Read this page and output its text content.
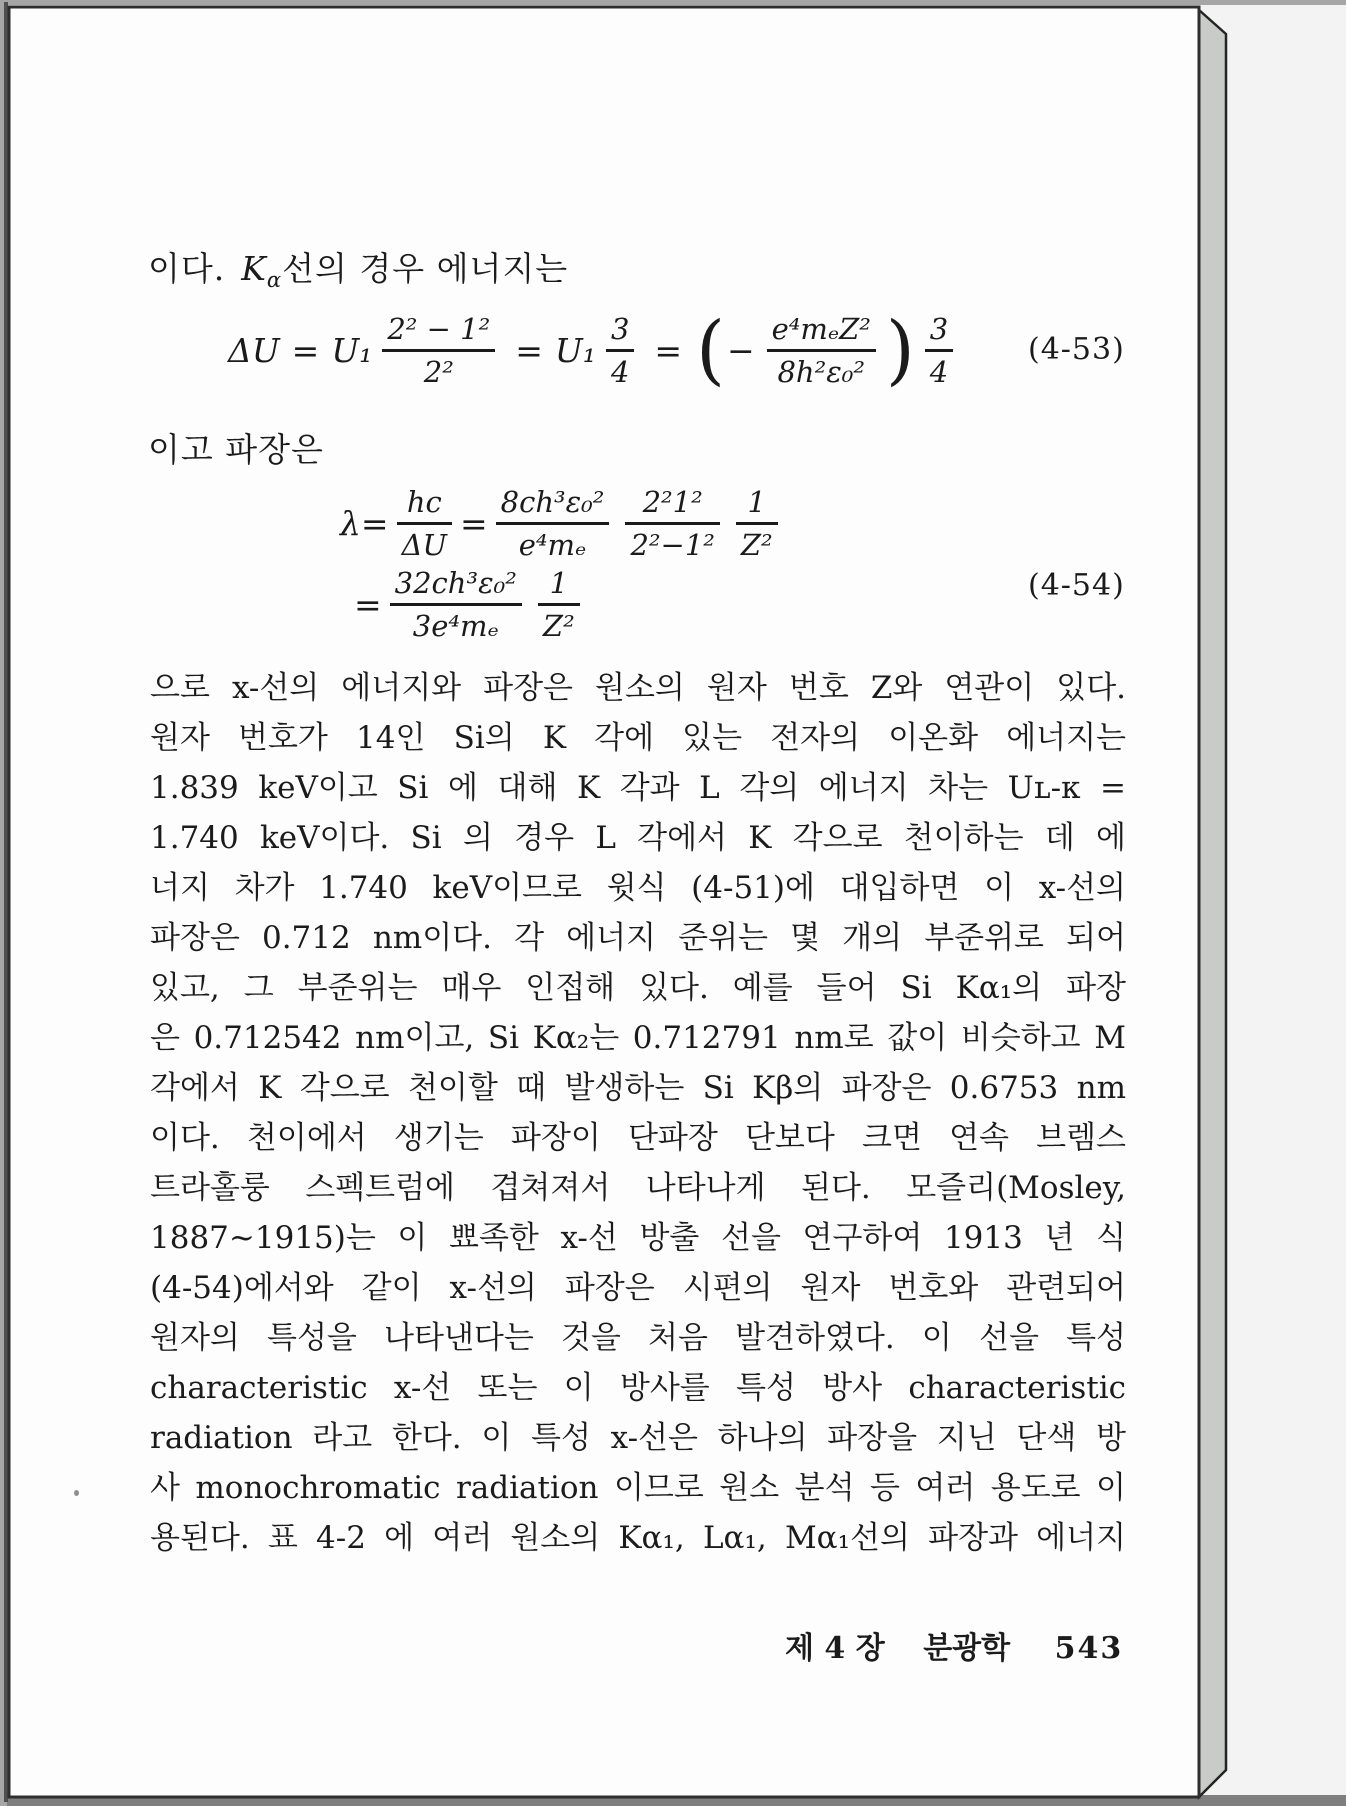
이다. $K_\alpha$선의 경우 에너지는
$\Delta U = U_1 \frac{\text{2² − 1²}}{\text{2²}} = U_1 \frac{3}{4}$ = ( − $\frac{\text{e⁴mₑZ²}}{\text{8h²ε₀²}}$ ) $\frac{3}{4} (4-53)$
이고 파장은
$\lambda = \frac{hc}{\Delta U} = \frac{\text{8ch³ε₀²}}{\text{e⁴mₑ}} \frac{\text{2²1²}}{\text{2²−1²}} \frac{1}{\text{Z²}}$
= $\frac{\text{32ch³ε₀²}}{\text{3e⁴mₑ}} \frac{1}{\text{Z²}}$	(4-54)
으로 x-선의 에너지와 파장은 원소의 원자 번호 Z와 연관이 있다.
원자 번호가 14인 Si의 K 각에 있는 전자의 이온화 에너지는
1.839 keV이고 Si 에 대해 K 각과 L 각의 에너지 차는 Uʟ-ᴋ =
1.740 keV이다. Si 의 경우 L 각에서 K 각으로 천이하는 데 에
너지 차가 1.740 keV이므로 윗식 (4-51)에 대입하면 이 x-선의
파장은 0.712 nm이다. 각 에너지 준위는 몇 개의 부준위로 되어
있고, 그 부준위는 매우 인접해 있다. 예를 들어 Si Kα₁의 파장
은 0.712542 nm이고, Si Kα₂는 0.712791 nm로 값이 비슷하고 M
각에서 K 각으로 천이할 때 발생하는 Si Kβ의 파장은 0.6753 nm
이다. 천이에서 생기는 파장이 단파장 단보다 크면 연속 브렘스
트라홀룽 스펙트럼에 겹쳐져서 나타나게 된다. 모즐리(Mosley,
1887~1915)는 이 뾰족한 x-선 방출 선을 연구하여 1913 년 식
(4-54)에서와 같이 x-선의 파장은 시편의 원자 번호와 관련되어
원자의 특성을 나타낸다는 것을 처음 발견하였다. 이 선을 특성
characteristic x-선 또는 이 방사를 특성 방사 characteristic
radiation 라고 한다. 이 특성 x-선은 하나의 파장을 지닌 단색 방
사 monochromatic radiation 이므로 원소 분석 등 여러 용도로 이
용된다. 표 4-2 에 여러 원소의 Kα₁, Lα₁, Mα₁선의 파장과 에너지
제 4 장 분광학 543
